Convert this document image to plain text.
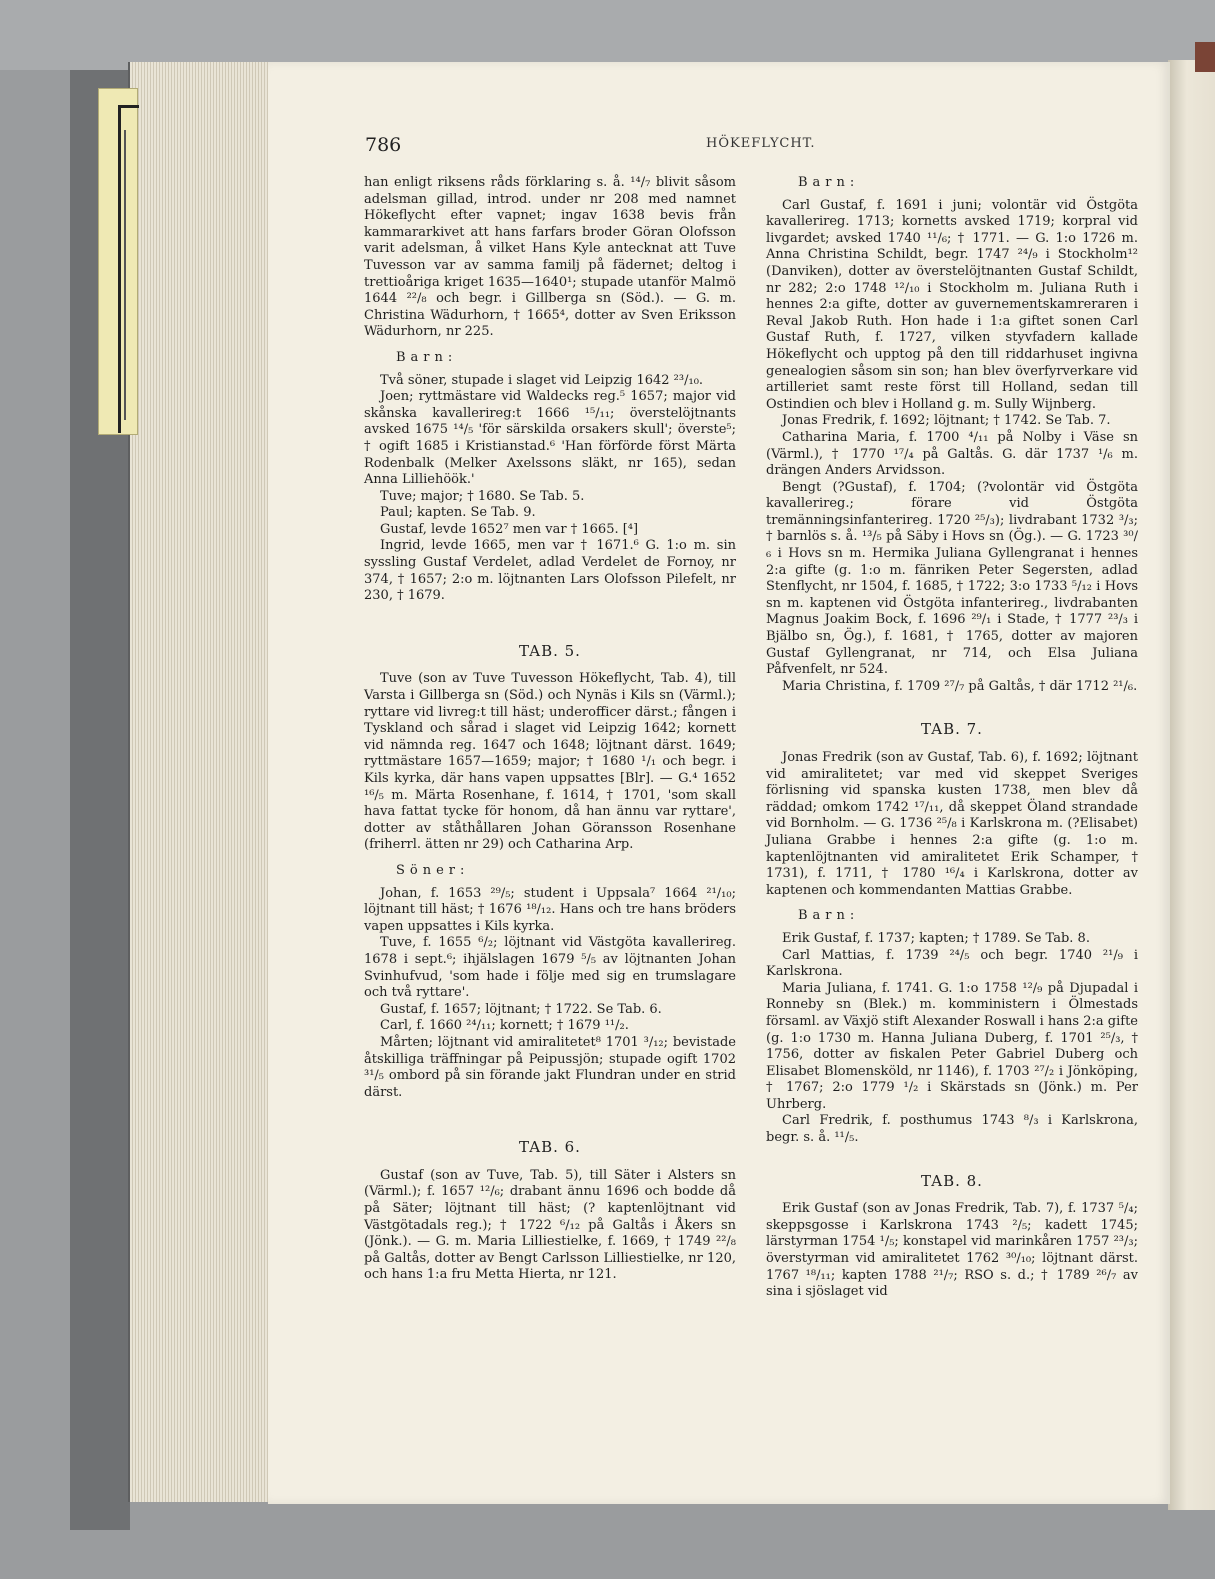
786	HÖKEFLYCHT.

han enligt riksens råds förklaring s. å. ¹⁴/₇ blivit såsom adelsman gillad, introd. under nr 208 med namnet Hökeflycht efter vapnet; ingav 1638 bevis från kammararkivet att hans farfars broder Göran Olofsson varit adelsman, å vilket Hans Kyle antecknat att Tuve Tuvesson var av samma familj på fädernet; deltog i trettioåriga kriget 1635—1640¹; stupade utanför Malmö 1644 ²²/₈ och begr. i Gillberga sn (Söd.). — G. m. Christina Wädurhorn, † 1665⁴, dotter av Sven Eriksson Wädurhorn, nr 225.

Barn:

Två söner, stupade i slaget vid Leipzig 1642 ²³/₁₀.

Joen; ryttmästare vid Waldecks reg.⁵ 1657; major vid skånska kavallerireg:t 1666 ¹⁵/₁₁; överstelöjtnants avsked 1675 ¹⁴/₅ 'för särskilda orsakers skull'; överste⁵; † ogift 1685 i Kristianstad.⁶ 'Han förförde först Märta Rodenbalk (Melker Axelssons släkt, nr 165), sedan Anna Lilliehöök.'

Tuve; major; † 1680. Se Tab. 5.

Paul; kapten. Se Tab. 9.

Gustaf, levde 1652⁷ men var † 1665. [⁴]

Ingrid, levde 1665, men var † 1671.⁶ G. 1:o m. sin syssling Gustaf Verdelet, adlad Verdelet de Fornoy, nr 374, † 1657; 2:o m. löjtnanten Lars Olofsson Pilefelt, nr 230, † 1679.

TAB. 5.

Tuve (son av Tuve Tuvesson Hökeflycht, Tab. 4), till Varsta i Gillberga sn (Söd.) och Nynäs i Kils sn (Värml.); ryttare vid livreg:t till häst; underofficer därst.; fången i Tyskland och sårad i slaget vid Leipzig 1642; kornett vid nämnda reg. 1647 och 1648; löjtnant därst. 1649; ryttmästare 1657—1659; major; † 1680 ¹/₁ och begr. i Kils kyrka, där hans vapen uppsattes [Blr]. — G.⁴ 1652 ¹⁶/₅ m. Märta Rosenhane, f. 1614, † 1701, 'som skall hava fattat tycke för honom, då han ännu var ryttare', dotter av ståthållaren Johan Göransson Rosenhane (friherrl. ätten nr 29) och Catharina Arp.

Söner:

Johan, f. 1653 ²⁹/₅; student i Uppsala⁷ 1664 ²¹/₁₀; löjtnant till häst; † 1676 ¹⁸/₁₂. Hans och tre hans bröders vapen uppsattes i Kils kyrka.

Tuve, f. 1655 ⁶/₂; löjtnant vid Västgöta kavallerireg. 1678 i sept.⁶; ihjälslagen 1679 ⁵/₅ av löjtnanten Johan Svinhufvud, 'som hade i följe med sig en trumslagare och två ryttare'.

Gustaf, f. 1657; löjtnant; † 1722. Se Tab. 6.

Carl, f. 1660 ²⁴/₁₁; kornett; † 1679 ¹¹/₂.

Mårten; löjtnant vid amiralitetet⁸ 1701 ³/₁₂; bevistade åtskilliga träffningar på Peipussjön; stupade ogift 1702 ³¹/₅ ombord på sin förande jakt Flundran under en strid därst.

TAB. 6.

Gustaf (son av Tuve, Tab. 5), till Säter i Alsters sn (Värml.); f. 1657 ¹²/₆; drabant ännu 1696 och bodde då på Säter; löjtnant till häst; (? kaptenlöjtnant vid Västgötadals reg.); † 1722 ⁶/₁₂ på Galtås i Åkers sn (Jönk.). — G. m. Maria Lilliestielke, f. 1669, † 1749 ²²/₈ på Galtås, dotter av Bengt Carlsson Lilliestielke, nr 120, och hans 1:a fru Metta Hierta, nr 121.

Barn:

Carl Gustaf, f. 1691 i juni; volontär vid Östgöta kavallerireg. 1713; kornetts avsked 1719; korpral vid livgardet; avsked 1740 ¹¹/₆; † 1771. — G. 1:o 1726 m. Anna Christina Schildt, begr. 1747 ²⁴/₉ i Stockholm¹² (Danviken), dotter av överstelöjtnanten Gustaf Schildt, nr 282; 2:o 1748 ¹²/₁₀ i Stockholm m. Juliana Ruth i hennes 2:a gifte, dotter av guvernementskamreraren i Reval Jakob Ruth. Hon hade i 1:a giftet sonen Carl Gustaf Ruth, f. 1727, vilken styvfadern kallade Hökeflycht och upptog på den till riddarhuset ingivna genealogien såsom sin son; han blev överfyrverkare vid artilleriet samt reste först till Holland, sedan till Ostindien och blev i Holland g. m. Sully Wijnberg.

Jonas Fredrik, f. 1692; löjtnant; † 1742. Se Tab. 7.

Catharina Maria, f. 1700 ⁴/₁₁ på Nolby i Väse sn (Värml.), † 1770 ¹⁷/₄ på Galtås. G. där 1737 ¹/₆ m. drängen Anders Arvidsson.

Bengt (?Gustaf), f. 1704; (?volontär vid Östgöta kavallerireg.; förare vid Östgöta tremänningsinfanterireg. 1720 ²⁵/₃); livdrabant 1732 ³/₃; † barnlös s. å. ¹³/₅ på Säby i Hovs sn (Ög.). — G. 1723 ³⁰/₆ i Hovs sn m. Hermika Juliana Gyllengranat i hennes 2:a gifte (g. 1:o m. fänriken Peter Segersten, adlad Stenflycht, nr 1504, f. 1685, † 1722; 3:o 1733 ⁵/₁₂ i Hovs sn m. kaptenen vid Östgöta infanterireg., livdrabanten Magnus Joakim Bock, f. 1696 ²⁹/₁ i Stade, † 1777 ²³/₃ i Bjälbo sn, Ög.), f. 1681, † 1765, dotter av majoren Gustaf Gyllengranat, nr 714, och Elsa Juliana Påfvenfelt, nr 524.

Maria Christina, f. 1709 ²⁷/₇ på Galtås, † där 1712 ²¹/₆.

TAB. 7.

Jonas Fredrik (son av Gustaf, Tab. 6), f. 1692; löjtnant vid amiralitetet; var med vid skeppet Sveriges förlisning vid spanska kusten 1738, men blev då räddad; omkom 1742 ¹⁷/₁₁, då skeppet Öland strandade vid Bornholm. — G. 1736 ²⁵/₈ i Karlskrona m. (?Elisabet) Juliana Grabbe i hennes 2:a gifte (g. 1:o m. kaptenlöjtnanten vid amiralitetet Erik Schamper, † 1731), f. 1711, † 1780 ¹⁶/₄ i Karlskrona, dotter av kaptenen och kommendanten Mattias Grabbe.

Barn:

Erik Gustaf, f. 1737; kapten; † 1789. Se Tab. 8.

Carl Mattias, f. 1739 ²⁴/₅ och begr. 1740 ²¹/₉ i Karlskrona.

Maria Juliana, f. 1741. G. 1:o 1758 ¹²/₉ på Djupadal i Ronneby sn (Blek.) m. komministern i Ölmestads församl. av Växjö stift Alexander Roswall i hans 2:a gifte (g. 1:o 1730 m. Hanna Juliana Duberg, f. 1701 ²⁵/₃, † 1756, dotter av fiskalen Peter Gabriel Duberg och Elisabet Blomensköld, nr 1146), f. 1703 ²⁷/₂ i Jönköping, † 1767; 2:o 1779 ¹/₂ i Skärstads sn (Jönk.) m. Per Uhrberg.

Carl Fredrik, f. posthumus 1743 ⁸/₃ i Karlskrona, begr. s. å. ¹¹/₅.

TAB. 8.

Erik Gustaf (son av Jonas Fredrik, Tab. 7), f. 1737 ⁵/₄; skeppsgosse i Karlskrona 1743 ²/₅; kadett 1745; lärstyrman 1754 ¹/₅; konstapel vid marinkåren 1757 ²³/₃; överstyrman vid amiralitetet 1762 ³⁰/₁₀; löjtnant därst. 1767 ¹⁸/₁₁; kapten 1788 ²¹/₇; RSO s. d.; † 1789 ²⁶/₇ av sina i sjöslaget vid
